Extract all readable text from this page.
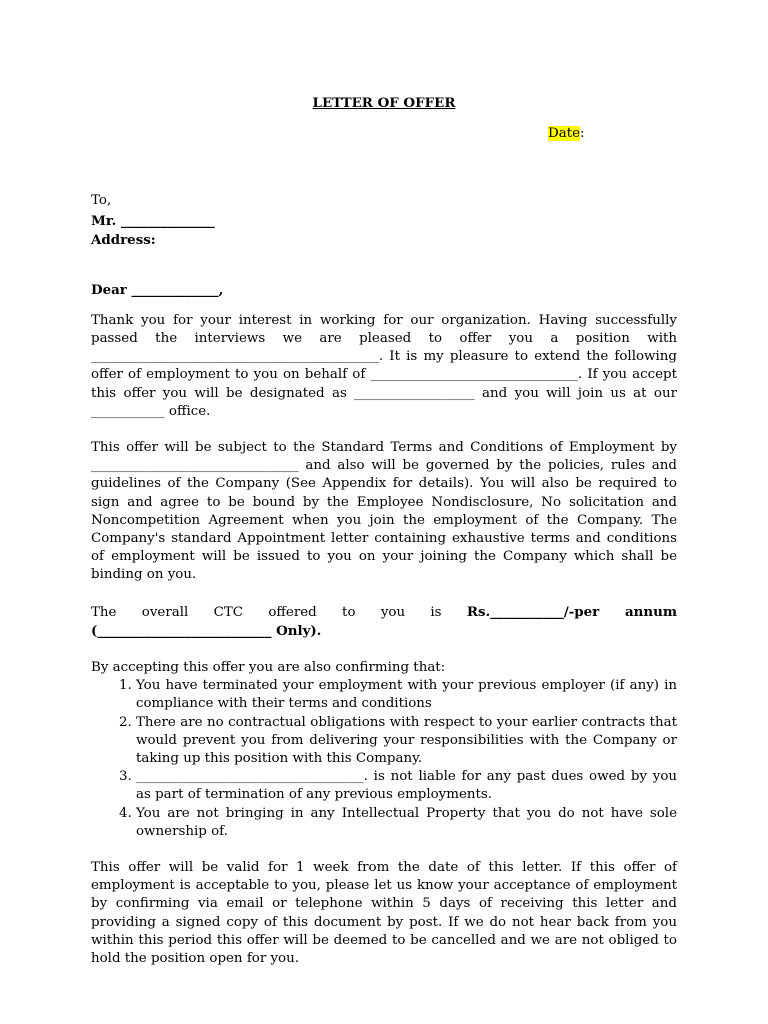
LETTER OF OFFER
Date:
To,
Mr. ______________
Address:
Dear _____________,

Thank you for your interest in working for our organization. Having successfully passed the interviews we are pleased to offer you a position with ___________________________________________. It is my pleasure to extend the following offer of employment to you on behalf of _______________________________. If you accept this offer you will be designated as __________________ and you will join us at our ___________ office.

This offer will be subject to the Standard Terms and Conditions of Employment by _______________________________ and also will be governed by the policies, rules and guidelines of the Company (See Appendix for details). You will also be required to sign and agree to be bound by the Employee Nondisclosure, No solicitation and Noncompetition Agreement when you join the employment of the Company. The Company's standard Appointment letter containing exhaustive terms and conditions of employment will be issued to you on your joining the Company which shall be binding on you.

The overall CTC offered to you is Rs.___________/-per annum (__________________________ Only).

By accepting this offer you are also confirming that:
1. You have terminated your employment with your previous employer (if any) in compliance with their terms and conditions
2. There are no contractual obligations with respect to your earlier contracts that would prevent you from delivering your responsibilities with the Company or taking up this position with this Company.
3. __________________________________. is not liable for any past dues owed by you as part of termination of any previous employments.
4. You are not bringing in any Intellectual Property that you do not have sole ownership of.

This offer will be valid for 1 week from the date of this letter. If this offer of employment is acceptable to you, please let us know your acceptance of employment by confirming via email or telephone within 5 days of receiving this letter and providing a signed copy of this document by post. If we do not hear back from you within this period this offer will be deemed to be cancelled and we are not obliged to hold the position open for you.
